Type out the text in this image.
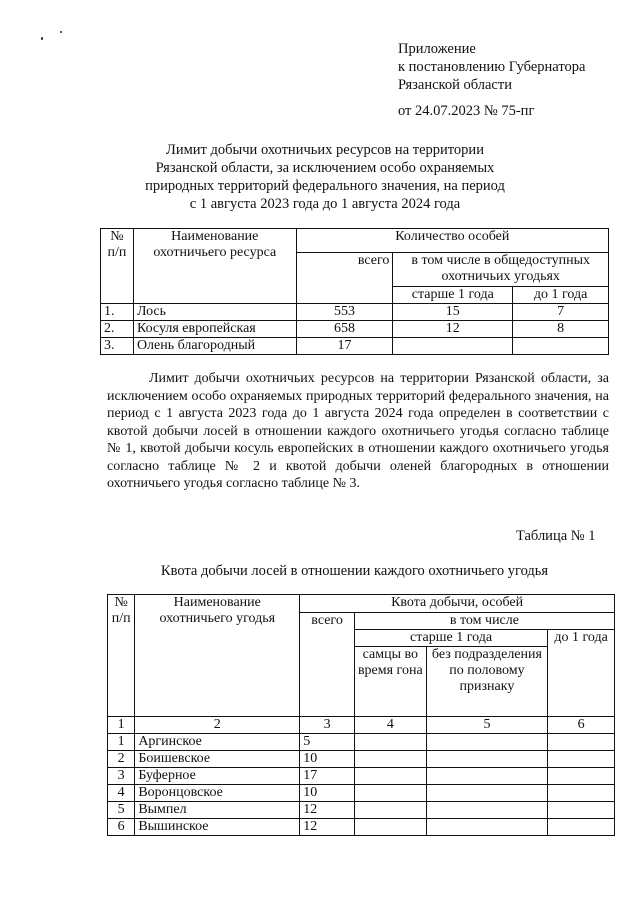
Приложение
к постановлению Губернатора
Рязанской области
от 24.07.2023 № 75-пг
Лимит добычи охотничьих ресурсов на территории
Рязанской области, за исключением особо охраняемых
природных территорий федерального значения, на период
с 1 августа 2023 года до 1 августа 2024 года
№ п/п	Наименование охотничьего ресурса	Количество особей		
		всего	в том числе в общедоступных охотничьих угодьях	
			старше 1 года	до 1 года
1.	Лось	553	15	7
2.	Косуля европейская	658	12	8
3.	Олень благородный	17		

Лимит добычи охотничьих ресурсов на территории Рязанской области, за исключением особо охраняемых природных территорий федерального значения, на период с 1 августа 2023 года до 1 августа 2024 года определен в соответствии с квотой добычи лосей в отношении каждого охотничьего угодья согласно таблице № 1, квотой добычи косуль европейских в отношении каждого охотничьего угодья согласно таблице № 2 и квотой добычи оленей благородных в отношении охотничьего угодья согласно таблице № 3.

Таблица № 1
Квота добычи лосей в отношении каждого охотничьего угодья
№ п/п	Наименование охотничьего угодья	Квота добычи, особей			
		всего	в том числе		
			старше 1 года		до 1 года
			самцы во время гона	без подразделения по половому признаку	
1	2	3	4	5	6
1	Аргинское	5			
2	Боишевское	10			
3	Буферное	17			
4	Воронцовское	10			
5	Вымпел	12			
6	Вышинское	12			
